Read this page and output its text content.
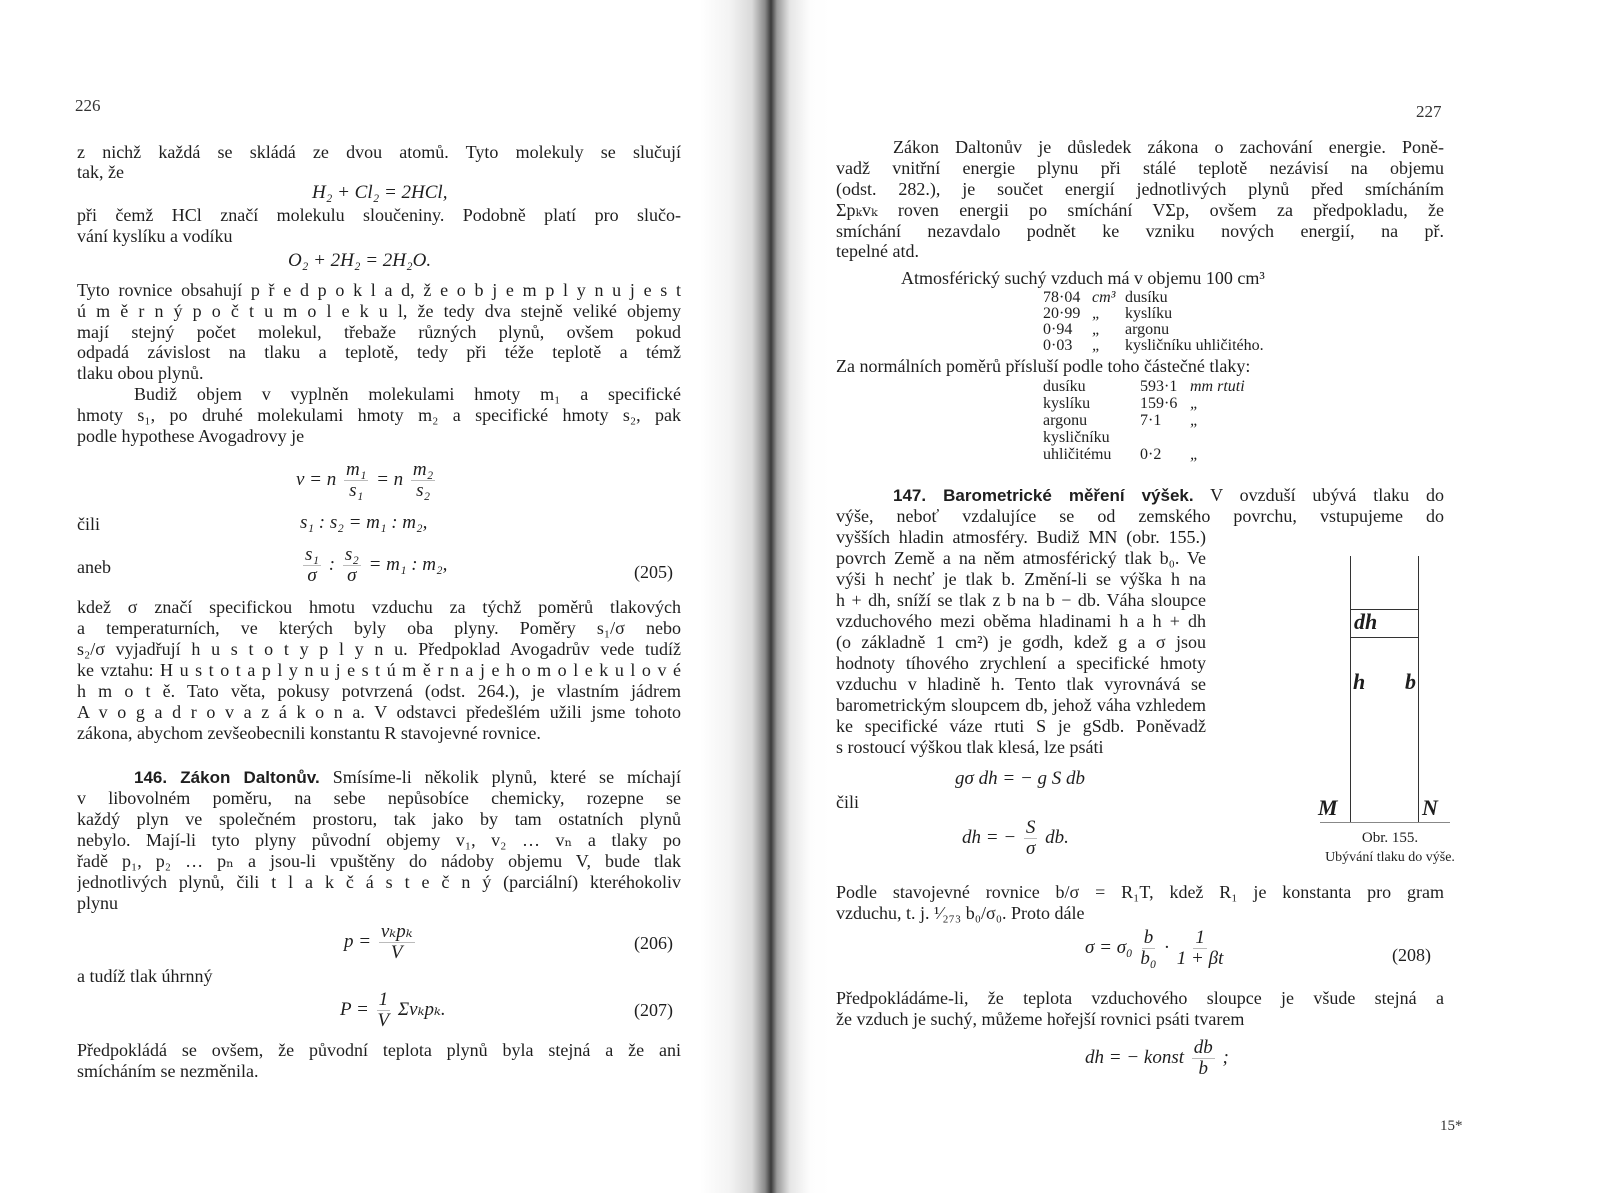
226
H₂ + Cl₂ = 2HCl,
O₂ + 2H₂ = 2H₂O.
v = n $\frac{\text{m₁}}{\text{s₁}} = n \frac{\text{m₂}}{\text{s₂}}$
čili	s₁ : s₂ = m₁ : m₂,
aneb	$\frac{\text{s₁}}{\sigma}$ : $\frac{\text{s₂}}{\sigma} = m_1$ : m₂,	(205)
$p = \frac{\text{vₖpₖ}}{V}$	(206)
$P = \frac{1}{V} \Sigma v_kp_k$.	(207)
z nichž každá se skládá ze dvou atomů. Tyto molekuly se slučují
tak, že
při čemž HCl značí molekulu sloučeniny. Podobně platí pro slučo-
vání kyslíku a vodíku
Tyto rovnice obsahují p ř e d p o k l a d, ž e o b j e m p l y n u j e s t
ú m ě r n ý p o č t u m o l e k u l, že tedy dva stejně veliké objemy
mají stejný počet molekul, třebaže různých plynů, ovšem pokud
odpadá závislost na tlaku a teplotě, tedy při téže teplotě a témž
tlaku obou plynů.
Budiž objem v vyplněn molekulami hmoty m₁ a specifické
hmoty s₁, po druhé molekulami hmoty m₂ a specifické hmoty s₂, pak
podle hypothese Avogadrovy je
kdež σ značí specifickou hmotu vzduchu za týchž poměrů tlakových
a temperaturních, ve kterých byly oba plyny. Poměry s₁/σ nebo
s₂/σ vyjadřují h u s t o t y p l y n u. Předpoklad Avogadrův vede tudíž
ke vztahu: H u s t o t a p l y n u j e s t ú m ě r n a j e h o m o l e k u l o v é
h m o t ě. Tato věta, pokusy potvrzená (odst. 264.), je vlastním jádrem
A v o g a d r o v a z á k o n a. V odstavci předešlém užili jsme tohoto
zákona, abychom zevšeobecnili konstantu R stavojevné rovnice.
146. Zákon Daltonův. Smísíme-li několik plynů, které se míchají
v libovolném poměru, na sebe nepůsobíce chemicky, rozepne se
každý plyn ve společném prostoru, tak jako by tam ostatních plynů
nebylo. Mají-li tyto plyny původní objemy v₁, v₂ … vₙ a tlaky po
řadě p₁, p₂ … pₙ a jsou-li vpuštěny do nádoby objemu V, bude tlak
jednotlivých plynů, čili t l a k č á s t e č n ý (parciální) kteréhokoliv
plynu
a tudíž tlak úhrnný
Předpokládá se ovšem, že původní teplota plynů byla stejná a že ani
smícháním se nezměnila.
227
78·04 cm³ dusíku
20·99 „ kyslíku
0·94 „ argonu
0·03 „ kysličníku uhličitého.
dusíku	593·1 mm rtuti
kyslíku	159·6 „
argonu	7·1 „
kysličníku
uhličitému 0·2 „
gσ dh = − g S db
dh = − $\frac{S}{\sigma}$ db.
$\sigma = \sigma_0 \frac{b}{\text{b₀}} \cdot \frac{1}{1 + \beta t}$	(208)
dh = − konst $\frac{db}{b}$ ;
dh
h b
M	N
Obr. 155.
Ubývání tlaku do výše.
15*
Zákon Daltonův je důsledek zákona o zachování energie. Poně-
vadž vnitřní energie plynu při stálé teplotě nezávisí na objemu
(odst. 282.), je součet energií jednotlivých plynů před smícháním
Σpₖvₖ roven energii po smíchání VΣp, ovšem za předpokladu, že
smíchání nezavdalo podnět ke vzniku nových energií, na př.
tepelné atd.
Atmosférický suchý vzduch má v objemu 100 cm³
Za normálních poměrů přísluší podle toho částečné tlaky:
147. Barometrické měření výšek. V ovzduší ubývá tlaku do
výše, neboť vzdalujíce se od zemského povrchu, vstupujeme do
vyšších hladin atmosféry. Budiž MN (obr. 155.)
povrch Země a na něm atmosférický tlak b₀. Ve
výši h nechť je tlak b. Změní-li se výška h na
h + dh, sníží se tlak z b na b − db. Váha sloupce
vzduchového mezi oběma hladinami h a h + dh
(o základně 1 cm²) je gσdh, kdež g a σ jsou
hodnoty tíhového zrychlení a specifické hmoty
vzduchu v hladině h. Tento tlak vyrovnává se
barometrickým sloupcem db, jehož váha vzhledem
ke specifické váze rtuti S je gSdb. Poněvadž
s rostoucí výškou tlak klesá, lze psáti
čili
Podle stavojevné rovnice b/σ = R₁T, kdež R₁ je konstanta pro gram
vzduchu, t. j. ¹⁄₂₇₃ b₀/σ₀. Proto dále
Předpokládáme-li, že teplota vzduchového sloupce je všude stejná a
že vzduch je suchý, můžeme hořejší rovnici psáti tvarem
